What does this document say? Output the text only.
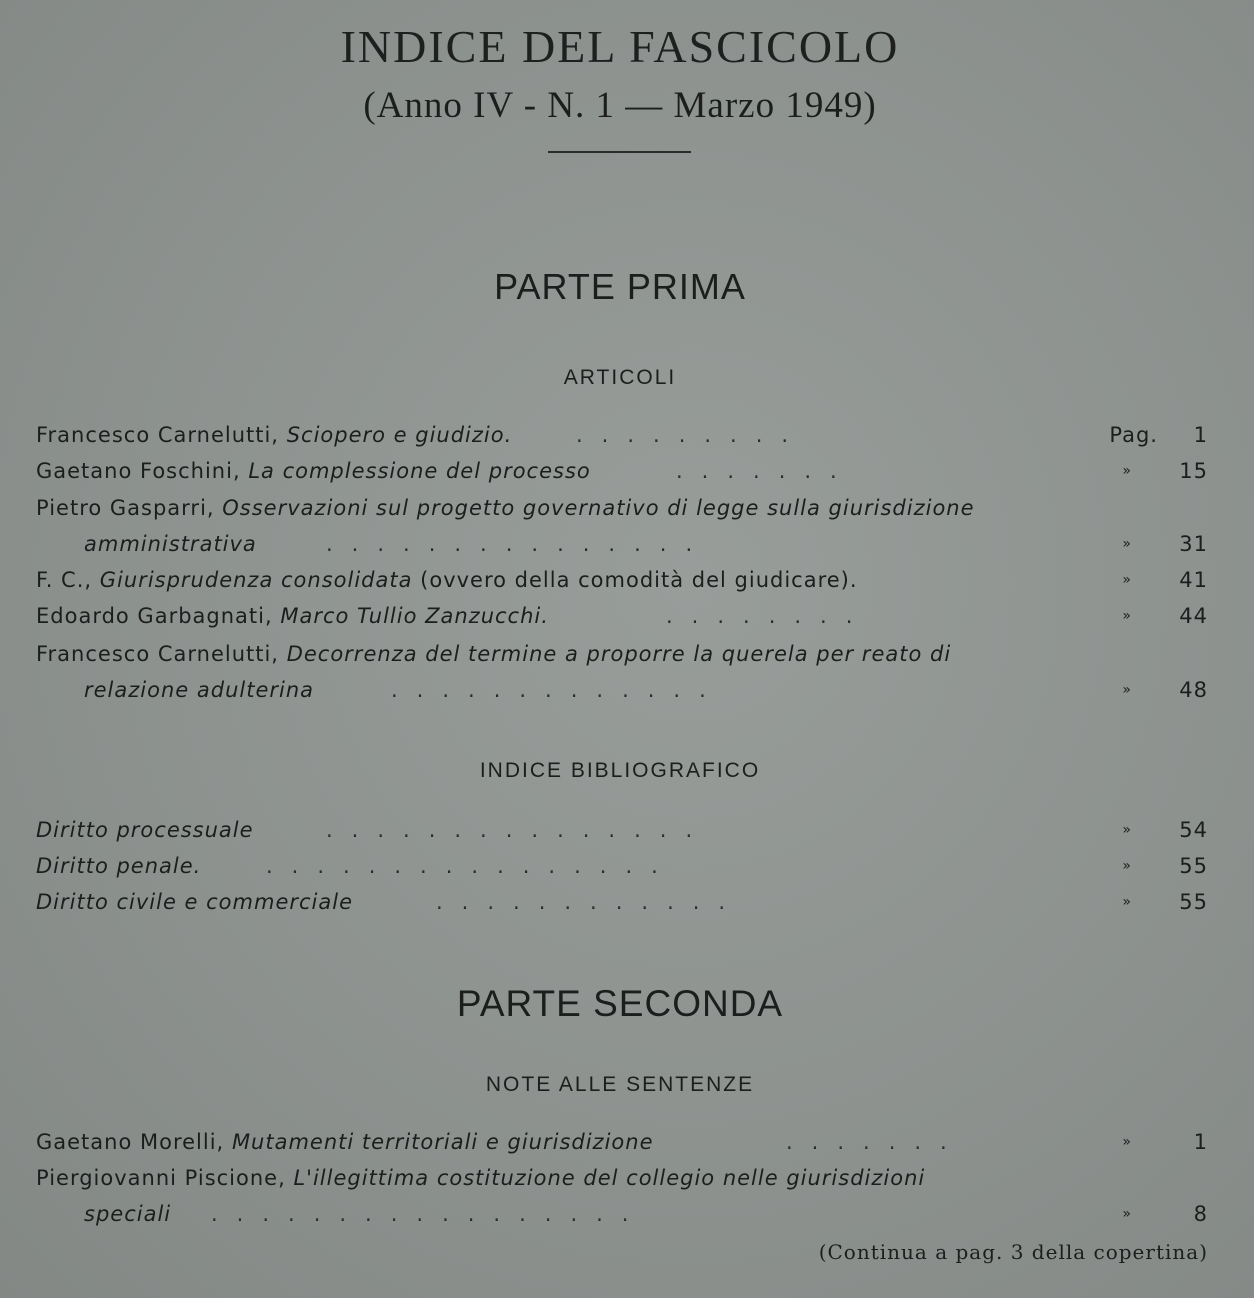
INDICE DEL FASCICOLO
(Anno IV - N. 1 — Marzo 1949)
PARTE PRIMA
ARTICOLI
Francesco Carnelutti, Sciopero e giudizio.	.........	Pag. 1
Gaetano Foschini, La complessione del processo	.......	» 15
Pietro Gasparri, Osservazioni sul progetto governativo di legge sulla giurisdizione
amministrativa	...............	» 31
F. C., Giurisprudenza consolidata (ovvero della comodità del giudicare).	» 41
Edoardo Garbagnati, Marco Tullio Zanzucchi.	........	» 44
Francesco Carnelutti, Decorrenza del termine a proporre la querela per reato di
relazione adulterina	.............	» 48
INDICE BIBLIOGRAFICO
Diritto processuale	...............	» 54
Diritto penale.	................	» 55
Diritto civile e commerciale	............	» 55
PARTE SECONDA
NOTE ALLE SENTENZE
Gaetano Morelli, Mutamenti territoriali e giurisdizione	.......	»	1
Piergiovanni Piscione, L'illegittima costituzione del collegio nelle giurisdizioni
speciali .................	»	8
(Continua a pag. 3 della copertina)
